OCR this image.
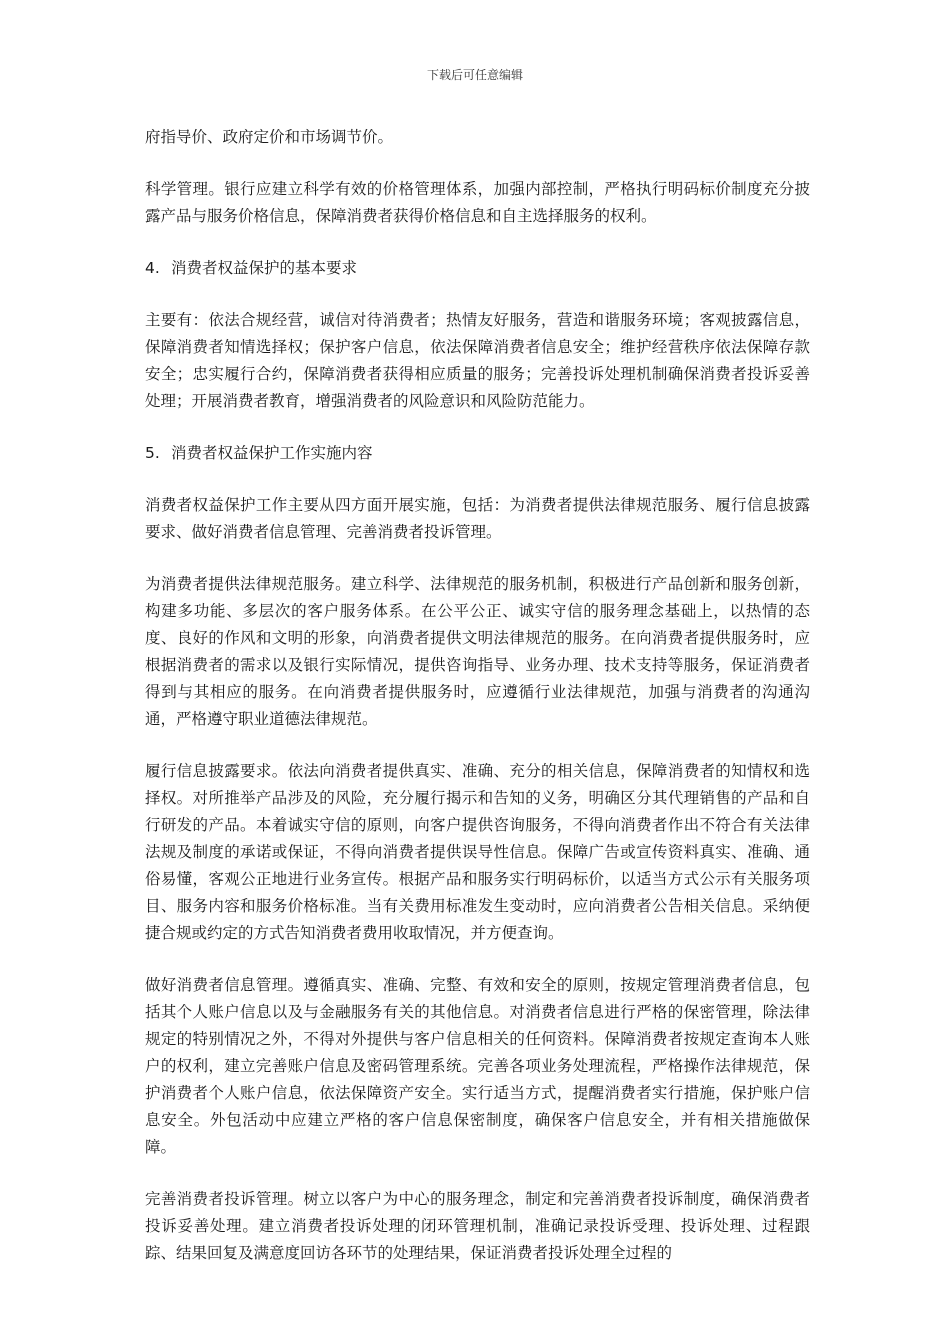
下载后可任意编辑

府指导价、政府定价和市场调节价。

科学管理。银行应建立科学有效的价格管理体系，加强内部控制，严格执行明码标价制度充分披露产品与服务价格信息，保障消费者获得价格信息和自主选择服务的权利。

4. 消费者权益保护的基本要求

主要有：依法合规经营，诚信对待消费者；热情友好服务，营造和谐服务环境；客观披露信息，保障消费者知情选择权；保护客户信息，依法保障消费者信息安全；维护经营秩序依法保障存款安全；忠实履行合约，保障消费者获得相应质量的服务；完善投诉处理机制确保消费者投诉妥善处理；开展消费者教育，增强消费者的风险意识和风险防范能力。

5. 消费者权益保护工作实施内容

消费者权益保护工作主要从四方面开展实施，包括：为消费者提供法律规范服务、履行信息披露要求、做好消费者信息管理、完善消费者投诉管理。

为消费者提供法律规范服务。建立科学、法律规范的服务机制，积极进行产品创新和服务创新，构建多功能、多层次的客户服务体系。在公平公正、诚实守信的服务理念基础上，以热情的态度、良好的作风和文明的形象，向消费者提供文明法律规范的服务。在向消费者提供服务时，应根据消费者的需求以及银行实际情况，提供咨询指导、业务办理、技术支持等服务，保证消费者得到与其相应的服务。在向消费者提供服务时，应遵循行业法律规范，加强与消费者的沟通沟通，严格遵守职业道德法律规范。

履行信息披露要求。依法向消费者提供真实、准确、充分的相关信息，保障消费者的知情权和选择权。对所推举产品涉及的风险，充分履行揭示和告知的义务，明确区分其代理销售的产品和自行研发的产品。本着诚实守信的原则，向客户提供咨询服务，不得向消费者作出不符合有关法律法规及制度的承诺或保证，不得向消费者提供误导性信息。保障广告或宣传资料真实、准确、通俗易懂，客观公正地进行业务宣传。根据产品和服务实行明码标价，以适当方式公示有关服务项目、服务内容和服务价格标准。当有关费用标准发生变动时，应向消费者公告相关信息。采纳便捷合规或约定的方式告知消费者费用收取情况，并方便查询。

做好消费者信息管理。遵循真实、准确、完整、有效和安全的原则，按规定管理消费者信息，包括其个人账户信息以及与金融服务有关的其他信息。对消费者信息进行严格的保密管理，除法律规定的特别情况之外，不得对外提供与客户信息相关的任何资料。保障消费者按规定查询本人账户的权利，建立完善账户信息及密码管理系统。完善各项业务处理流程，严格操作法律规范，保护消费者个人账户信息，依法保障资产安全。实行适当方式，提醒消费者实行措施，保护账户信息安全。外包活动中应建立严格的客户信息保密制度，确保客户信息安全，并有相关措施做保障。

完善消费者投诉管理。树立以客户为中心的服务理念，制定和完善消费者投诉制度，确保消费者投诉妥善处理。建立消费者投诉处理的闭环管理机制，准确记录投诉受理、投诉处理、过程跟踪、结果回复及满意度回访各环节的处理结果，保证消费者投诉处理全过程的
